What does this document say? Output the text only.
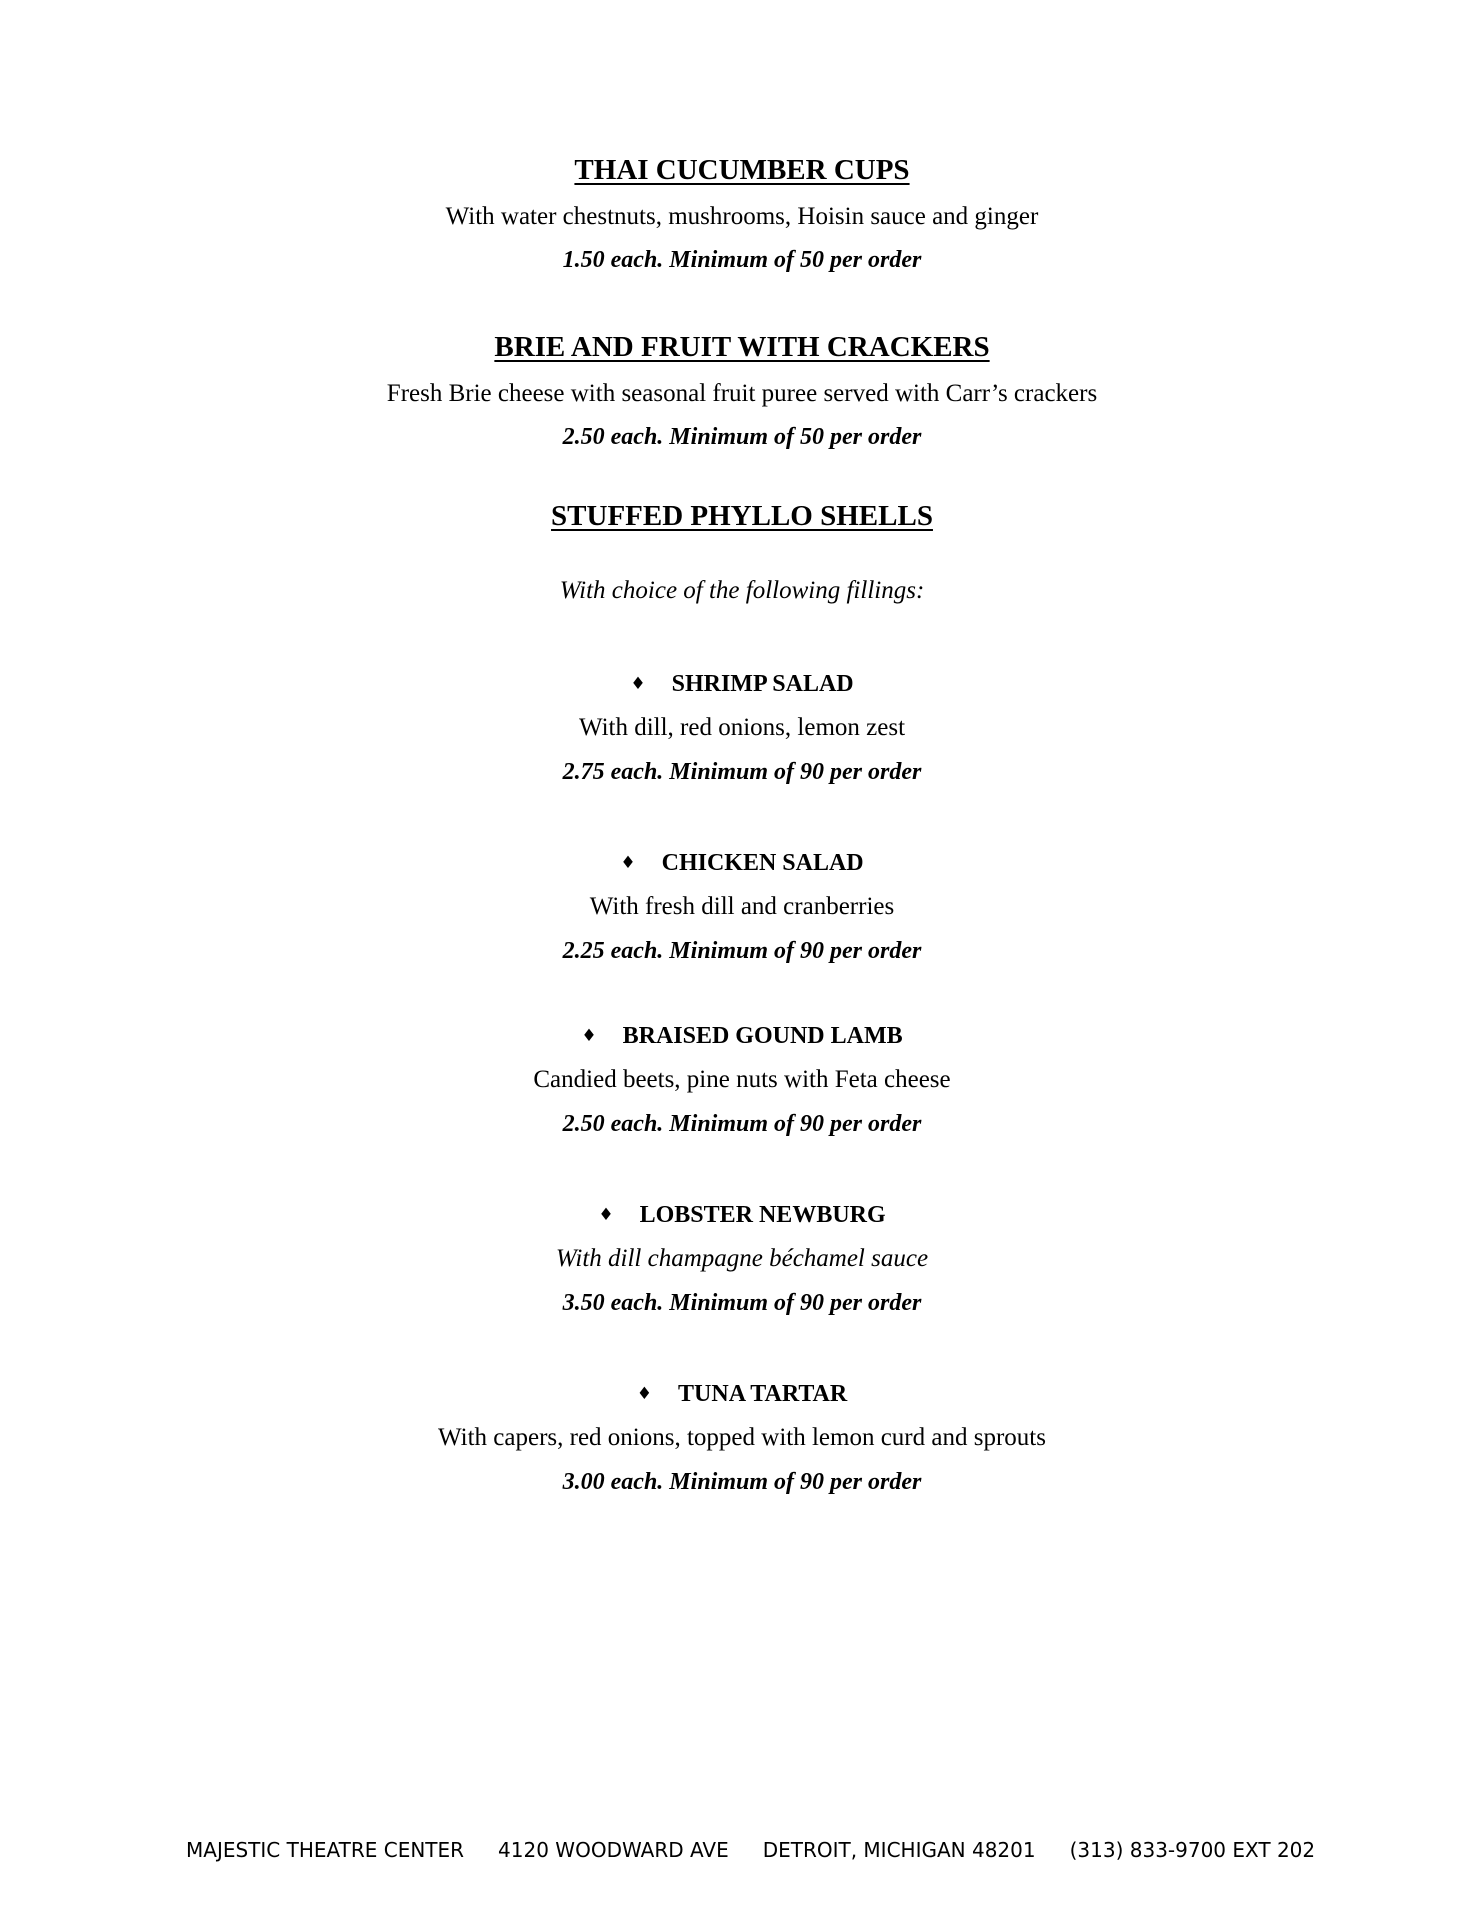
THAI CUCUMBER CUPS
With water chestnuts, mushrooms, Hoisin sauce and ginger
1.50 each. Minimum of 50 per order
BRIE AND FRUIT WITH CRACKERS
Fresh Brie cheese with seasonal fruit puree served with Carr’s crackers
2.50 each. Minimum of 50 per order
STUFFED PHYLLO SHELLS
With choice of the following fillings:
♦ SHRIMP SALAD
With dill, red onions, lemon zest
2.75 each. Minimum of 90 per order
♦ CHICKEN SALAD
With fresh dill and cranberries
2.25 each. Minimum of 90 per order
♦ BRAISED GOUND LAMB
Candied beets, pine nuts with Feta cheese
2.50 each. Minimum of 90 per order
♦ LOBSTER NEWBURG
With dill champagne béchamel sauce
3.50 each. Minimum of 90 per order
♦ TUNA TARTAR
With capers, red onions, topped with lemon curd and sprouts
3.00 each. Minimum of 90 per order
MAJESTIC THEATRE CENTER 4120 WOODWARD AVE DETROIT, MICHIGAN 48201 (313) 833-9700 EXT 202
